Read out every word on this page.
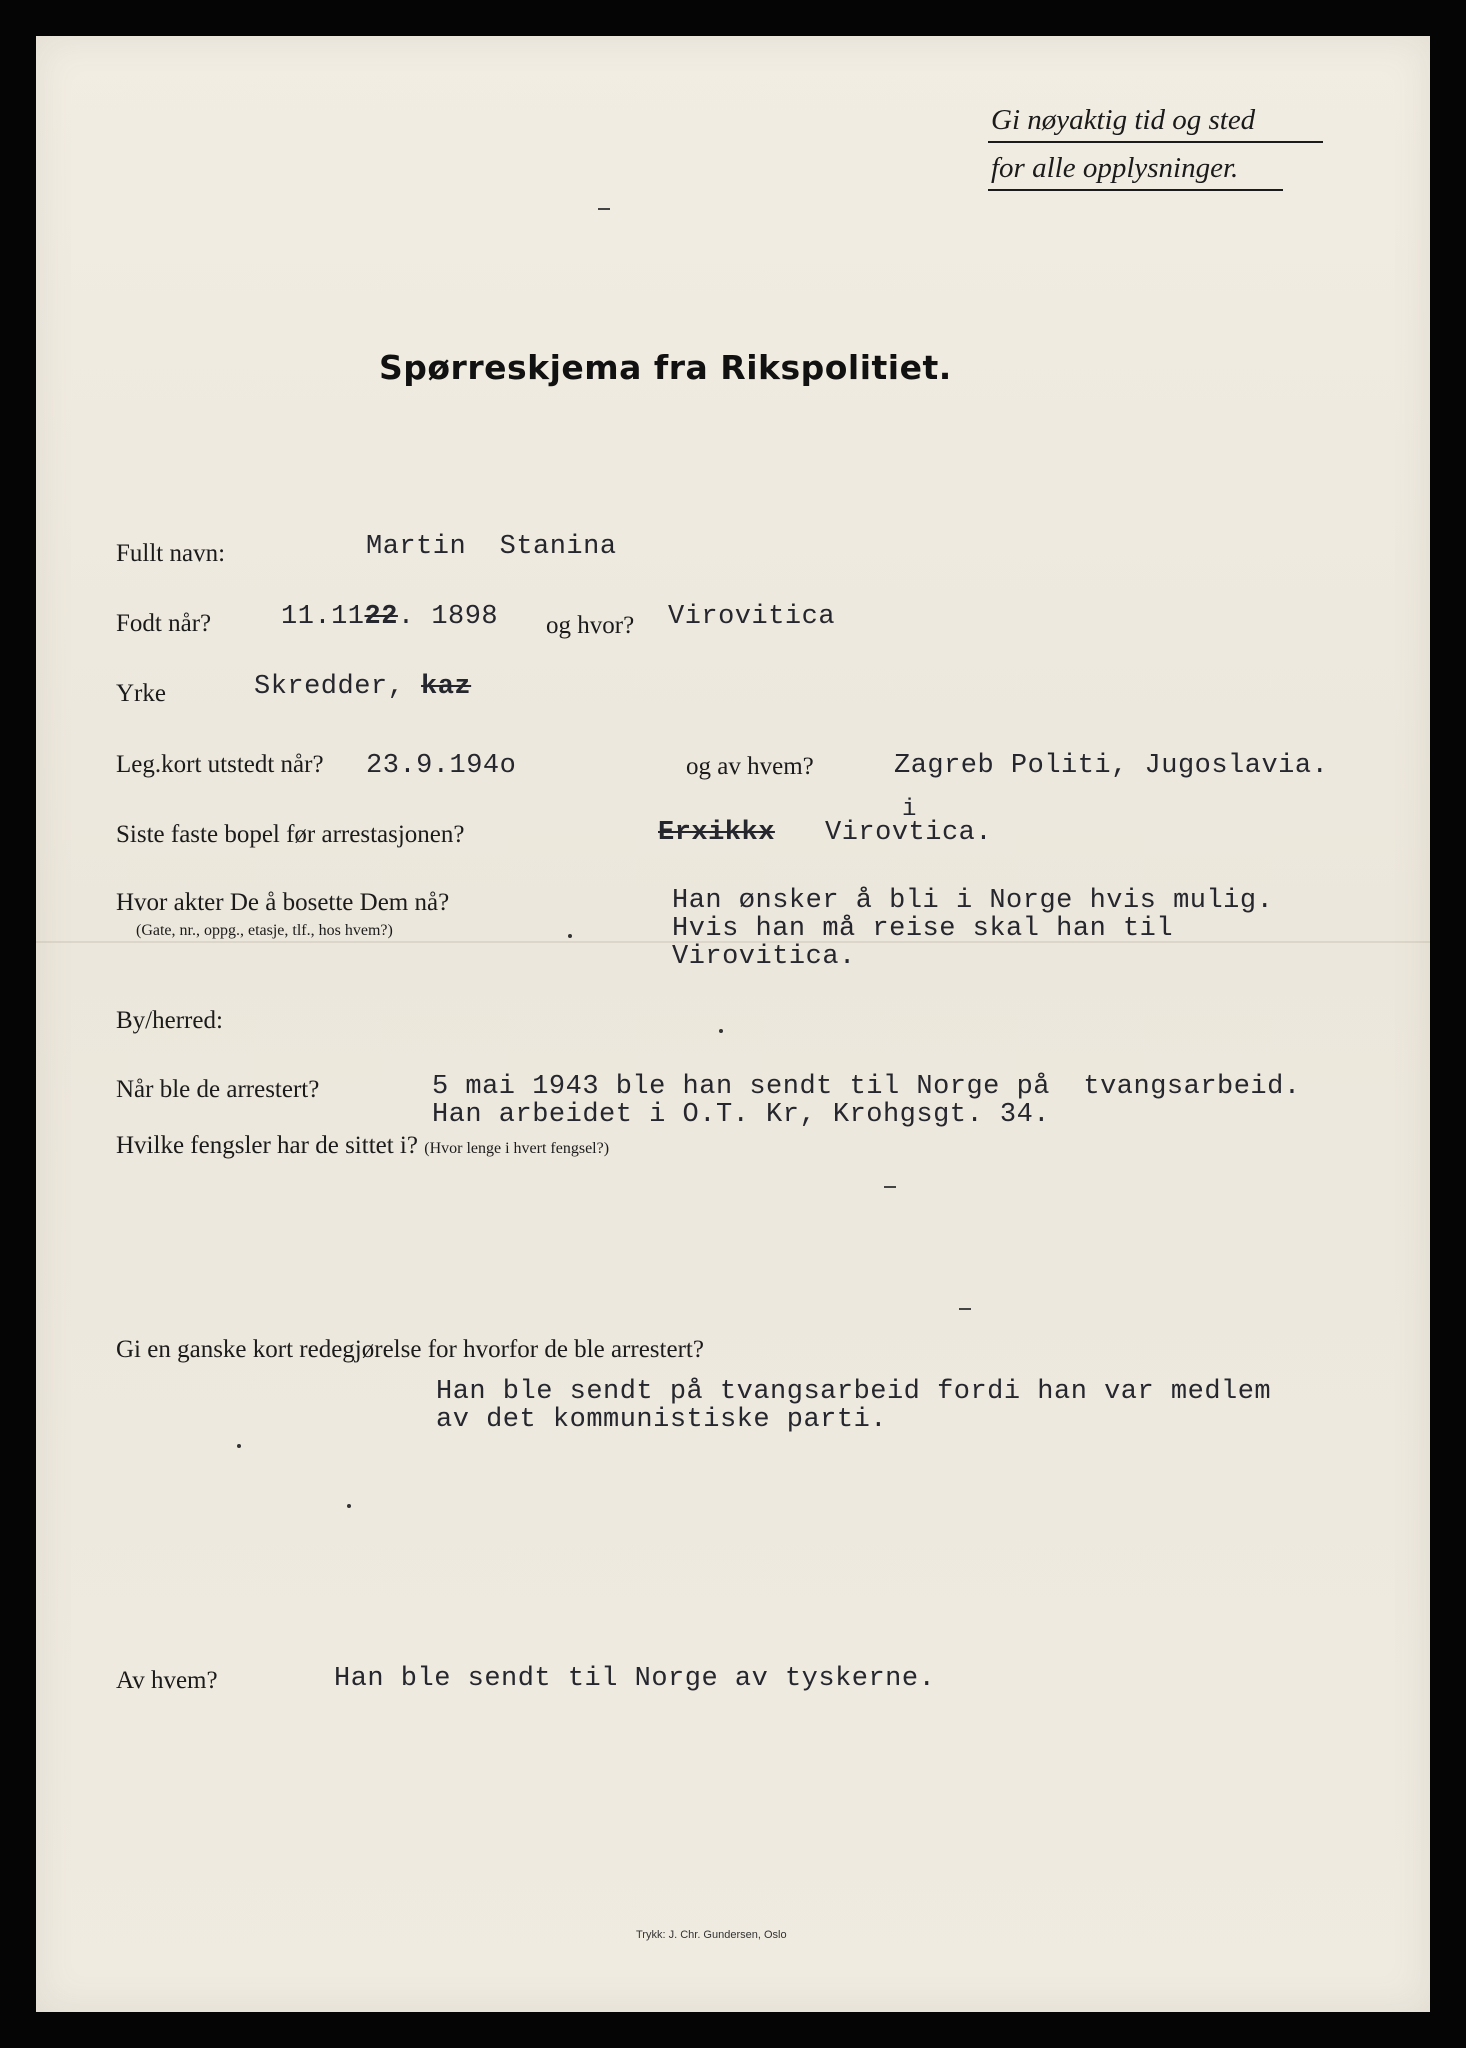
Gi nøyaktig tid og sted
for alle opplysninger.
Spørreskjema fra Rikspolitiet.
Fullt navn:	Martin  Stanina
Fodt når?	11.1122. 1898 og hvor? Virovitica
Yrke	Skredder, kaz
Leg.kort utstedt når? 23.9.194o	og av hvem?	Zagreb Politi, Jugoslavia.
Siste faste bopel før arrestasjonen?	Erxikkx Virovtica.
i
Hvor akter De å bosette Dem nå?
(Gate, nr., oppg., etasje, tlf., hos hvem?)
Han ønsker å bli i Norge hvis mulig.
Hvis han må reise skal han til
Virovitica.
By/herred:
Når ble de arrestert?	5 mai 1943 ble han sendt til Norge på  tvangsarbeid.
Han arbeidet i O.T. Kr, Krohgsgt. 34.
Hvilke fengsler har de sittet i? (Hvor lenge i hvert fengsel?)
Gi en ganske kort redegjørelse for hvorfor de ble arrestert?
Han ble sendt på tvangsarbeid fordi han var medlem
av det kommunistiske parti.
Av hvem?	Han ble sendt til Norge av tyskerne.
Trykk: J. Chr. Gundersen, Oslo
